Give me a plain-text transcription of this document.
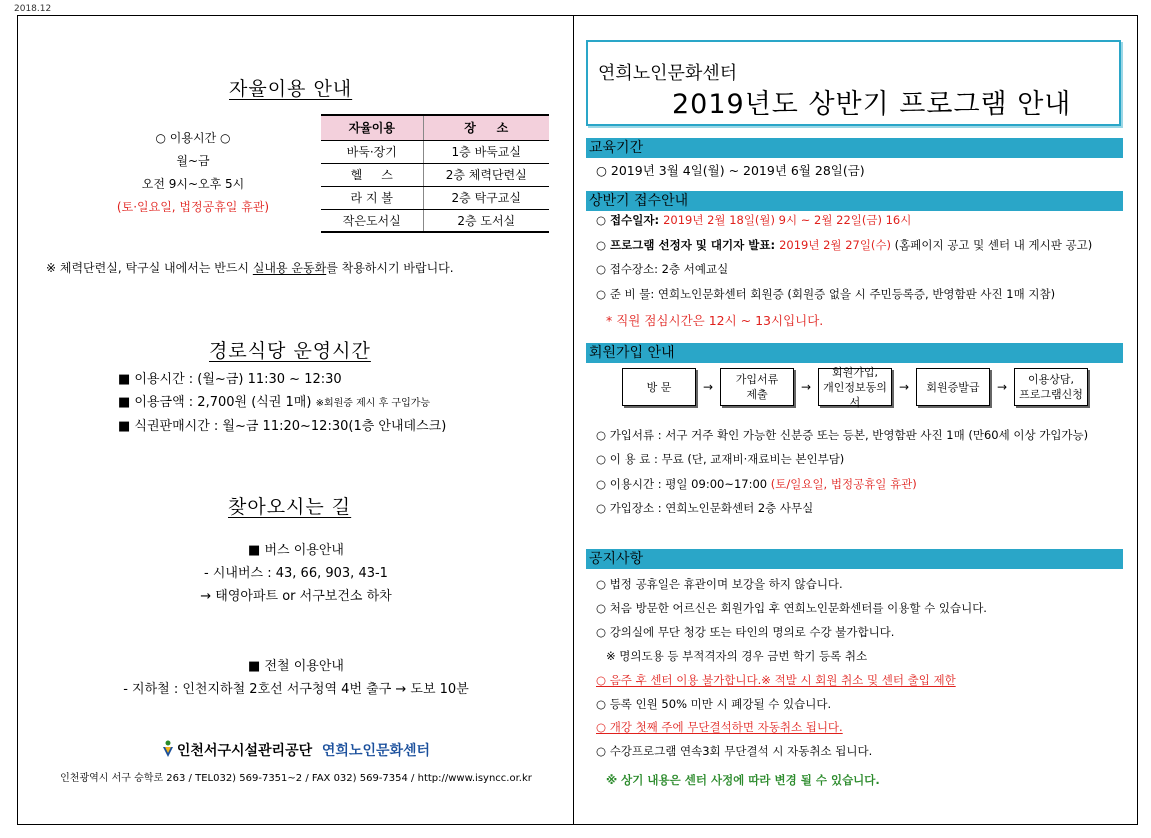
2018.12
자율이용 안내
○ 이용시간 ○
월~금
오전 9시~오후 5시
(토·일요일, 법정공휴일 휴관)
자율이용	장     소
바둑·장기	1층 바둑교실
헬     스	2층 체력단련실
라 지 볼	2층 탁구교실
작은도서실	2층 도서실
※ 체력단련실, 탁구실 내에서는 반드시 실내용 운동화를 착용하시기 바랍니다.
경로식당 운영시간
■ 이용시간 : (월~금) 11:30 ~ 12:30
■ 이용금액 : 2,700원 (식권 1매) ※회원증 제시 후 구입가능
■ 식권판매시간 : 월~금 11:20~12:30(1층 안내데스크)
찾아오시는 길
■ 버스 이용안내
- 시내버스 : 43, 66, 903, 43-1
→ 태영아파트 or 서구보건소 하차
■ 전철 이용안내
- 지하철 : 인천지하철 2호선 서구청역 4번 출구 → 도보 10분
인천서구시설관리공단 연희노인문화센터
인천광역시 서구 승학로 263 / TEL032) 569-7351~2 / FAX 032) 569-7354 / http://www.isyncc.or.kr
연희노인문화센터
2019년도 상반기 프로그램 안내
교육기간
○ 2019년 3월 4일(월) ~ 2019년 6월 28일(금)
상반기 접수안내
○ 접수일자: 2019년 2월 18일(월) 9시 ~ 2월 22일(금) 16시
○ 프로그램 선정자 및 대기자 발표: 2019년 2월 27일(수) (홈페이지 공고 및 센터 내 게시판 공고)
○ 접수장소: 2층 서예교실
○ 준 비 물: 연희노인문화센터 회원증 (회원증 없을 시 주민등록증, 반영함판 사진 1매 지참)
* 직원 점심시간은 12시 ~ 13시입니다.
회원가입 안내
방 문	→
가입서류
제출
→
회원가입,
개인정보동의서
→	회원증발급	→
이용상담,
프로그램신청
○ 가입서류 : 서구 거주 확인 가능한 신분증 또는 등본, 반영함판 사진 1매 (만60세 이상 가입가능)
○ 이 용 료 : 무료 (단, 교재비·재료비는 본인부담)
○ 이용시간 : 평일 09:00~17:00 (토/일요일, 법정공휴일 휴관)
○ 가입장소 : 연희노인문화센터 2층 사무실
공지사항
○ 법정 공휴일은 휴관이며 보강을 하지 않습니다.
○ 처음 방문한 어르신은 회원가입 후 연희노인문화센터를 이용할 수 있습니다.
○ 강의실에 무단 청강 또는 타인의 명의로 수강 불가합니다.
※ 명의도용 등 부적격자의 경우 금번 학기 등록 취소
○ 음주 후 센터 이용 불가합니다.※ 적발 시 회원 취소 및 센터 출입 제한
○ 등록 인원 50% 미만 시 폐강될 수 있습니다.
○ 개강 첫째 주에 무단결석하면 자동취소 됩니다.
○ 수강프로그램 연속3회 무단결석 시 자동취소 됩니다.
※ 상기 내용은 센터 사정에 따라 변경 될 수 있습니다.
